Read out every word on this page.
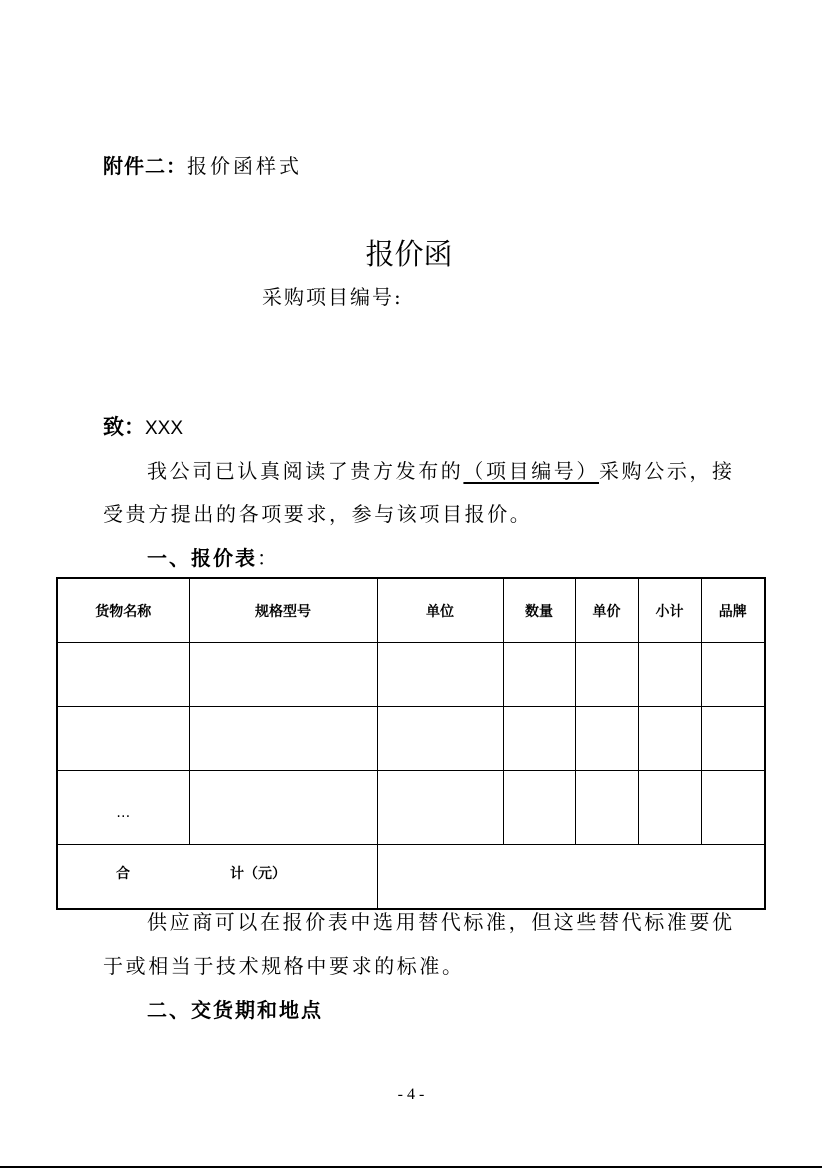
附件二：报价函样式
报价函
采购项目编号:
致：XXX
我公司已认真阅读了贵方发布的（项目编号）采购公示，接
受贵方提出的各项要求，参与该项目报价。
一、报价表：
货物名称	规格型号	单位	数量	单价	小计	品牌

…						

合 计（元）						

供应商可以在报价表中选用替代标准，但这些替代标准要优
于或相当于技术规格中要求的标准。
二、交货期和地点
- 4 -
